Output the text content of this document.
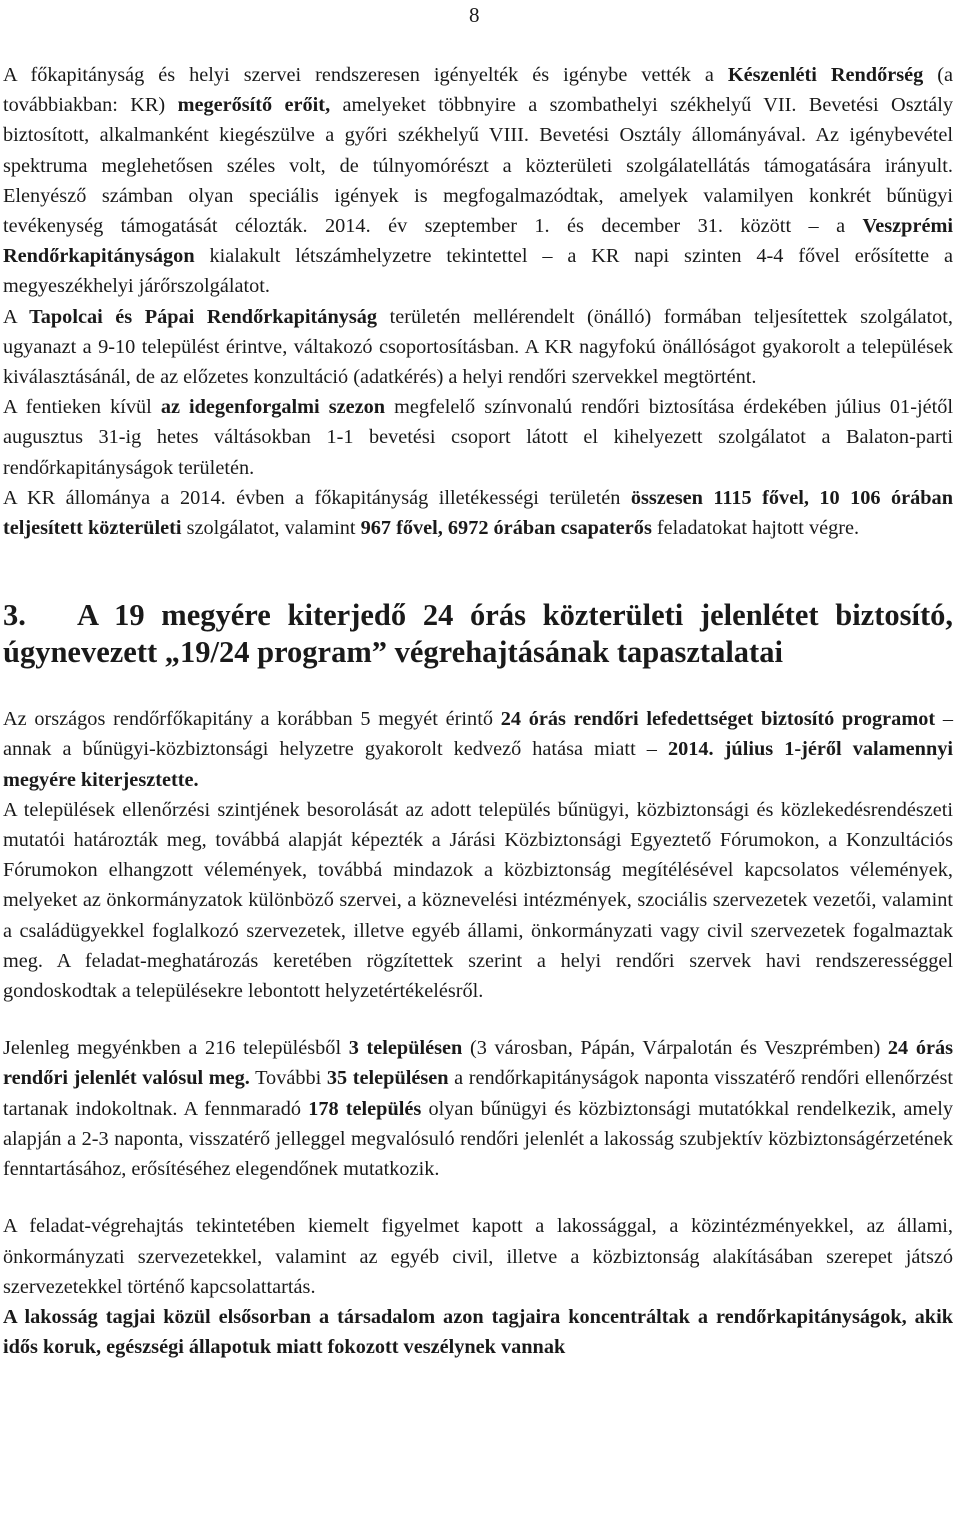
8

A főkapitányság és helyi szervei rendszeresen igényelték és igénybe vették a Készenléti Rendőrség (a továbbiakban: KR) megerősítő erőit, amelyeket többnyire a szombathelyi székhelyű VII. Bevetési Osztály biztosított, alkalmanként kiegészülve a győri székhelyű VIII. Bevetési Osztály állományával. Az igénybevétel spektruma meglehetősen széles volt, de túlnyomórészt a közterületi szolgálatellátás támogatására irányult. Elenyésző számban olyan speciális igények is megfogalmazódtak, amelyek valamilyen konkrét bűnügyi tevékenység támogatását célozták. 2014. év szeptember 1. és december 31. között – a Veszprémi Rendőrkapitányságon kialakult létszámhelyzetre tekintettel – a KR napi szinten 4-4 fővel erősítette a megyeszékhelyi járőrszolgálatot.

A Tapolcai és Pápai Rendőrkapitányság területén mellérendelt (önálló) formában teljesítettek szolgálatot, ugyanazt a 9-10 települést érintve, váltakozó csoportosításban. A KR nagyfokú önállóságot gyakorolt a települések kiválasztásánál, de az előzetes konzultáció (adatkérés) a helyi rendőri szervekkel megtörtént.

A fentieken kívül az idegenforgalmi szezon megfelelő színvonalú rendőri biztosítása érdekében július 01-jétől augusztus 31-ig hetes váltásokban 1-1 bevetési csoport látott el kihelyezett szolgálatot a Balaton-parti rendőrkapitányságok területén.

A KR állománya a 2014. évben a főkapitányság illetékességi területén összesen 1115 fővel, 10 106 órában teljesített közterületi szolgálatot, valamint 967 fővel, 6972 órában csapaterős feladatokat hajtott végre.

3. A 19 megyére kiterjedő 24 órás közterületi jelenlétet biztosító, úgynevezett „19/24 program” végrehajtásának tapasztalatai

Az országos rendőrfőkapitány a korábban 5 megyét érintő 24 órás rendőri lefedettséget biztosító programot – annak a bűnügyi-közbiztonsági helyzetre gyakorolt kedvező hatása miatt – 2014. július 1-jéről valamennyi megyére kiterjesztette.

A települések ellenőrzési szintjének besorolását az adott település bűnügyi, közbiztonsági és közlekedésrendészeti mutatói határozták meg, továbbá alapját képezték a Járási Közbiztonsági Egyeztető Fórumokon, a Konzultációs Fórumokon elhangzott vélemények, továbbá mindazok a közbiztonság megítélésével kapcsolatos vélemények, melyeket az önkormányzatok különböző szervei, a köznevelési intézmények, szociális szervezetek vezetői, valamint a családügyekkel foglalkozó szervezetek, illetve egyéb állami, önkormányzati vagy civil szervezetek fogalmaztak meg. A feladat-meghatározás keretében rögzítettek szerint a helyi rendőri szervek havi rendszerességgel gondoskodtak a településekre lebontott helyzetértékelésről.

Jelenleg megyénkben a 216 településből 3 településen (3 városban, Pápán, Várpalotán és Veszprémben) 24 órás rendőri jelenlét valósul meg. További 35 településen a rendőrkapitányságok naponta visszatérő rendőri ellenőrzést tartanak indokoltnak. A fennmaradó 178 település olyan bűnügyi és közbiztonsági mutatókkal rendelkezik, amely alapján a 2-3 naponta, visszatérő jelleggel megvalósuló rendőri jelenlét a lakosság szubjektív közbiztonságérzetének fenntartásához, erősítéséhez elegendőnek mutatkozik.

A feladat-végrehajtás tekintetében kiemelt figyelmet kapott a lakossággal, a közintézményekkel, az állami, önkormányzati szervezetekkel, valamint az egyéb civil, illetve a közbiztonság alakításában szerepet játszó szervezetekkel történő kapcsolattartás.

A lakosság tagjai közül elsősorban a társadalom azon tagjaira koncentráltak a rendőrkapitányságok, akik idős koruk, egészségi állapotuk miatt fokozott veszélynek vannak
